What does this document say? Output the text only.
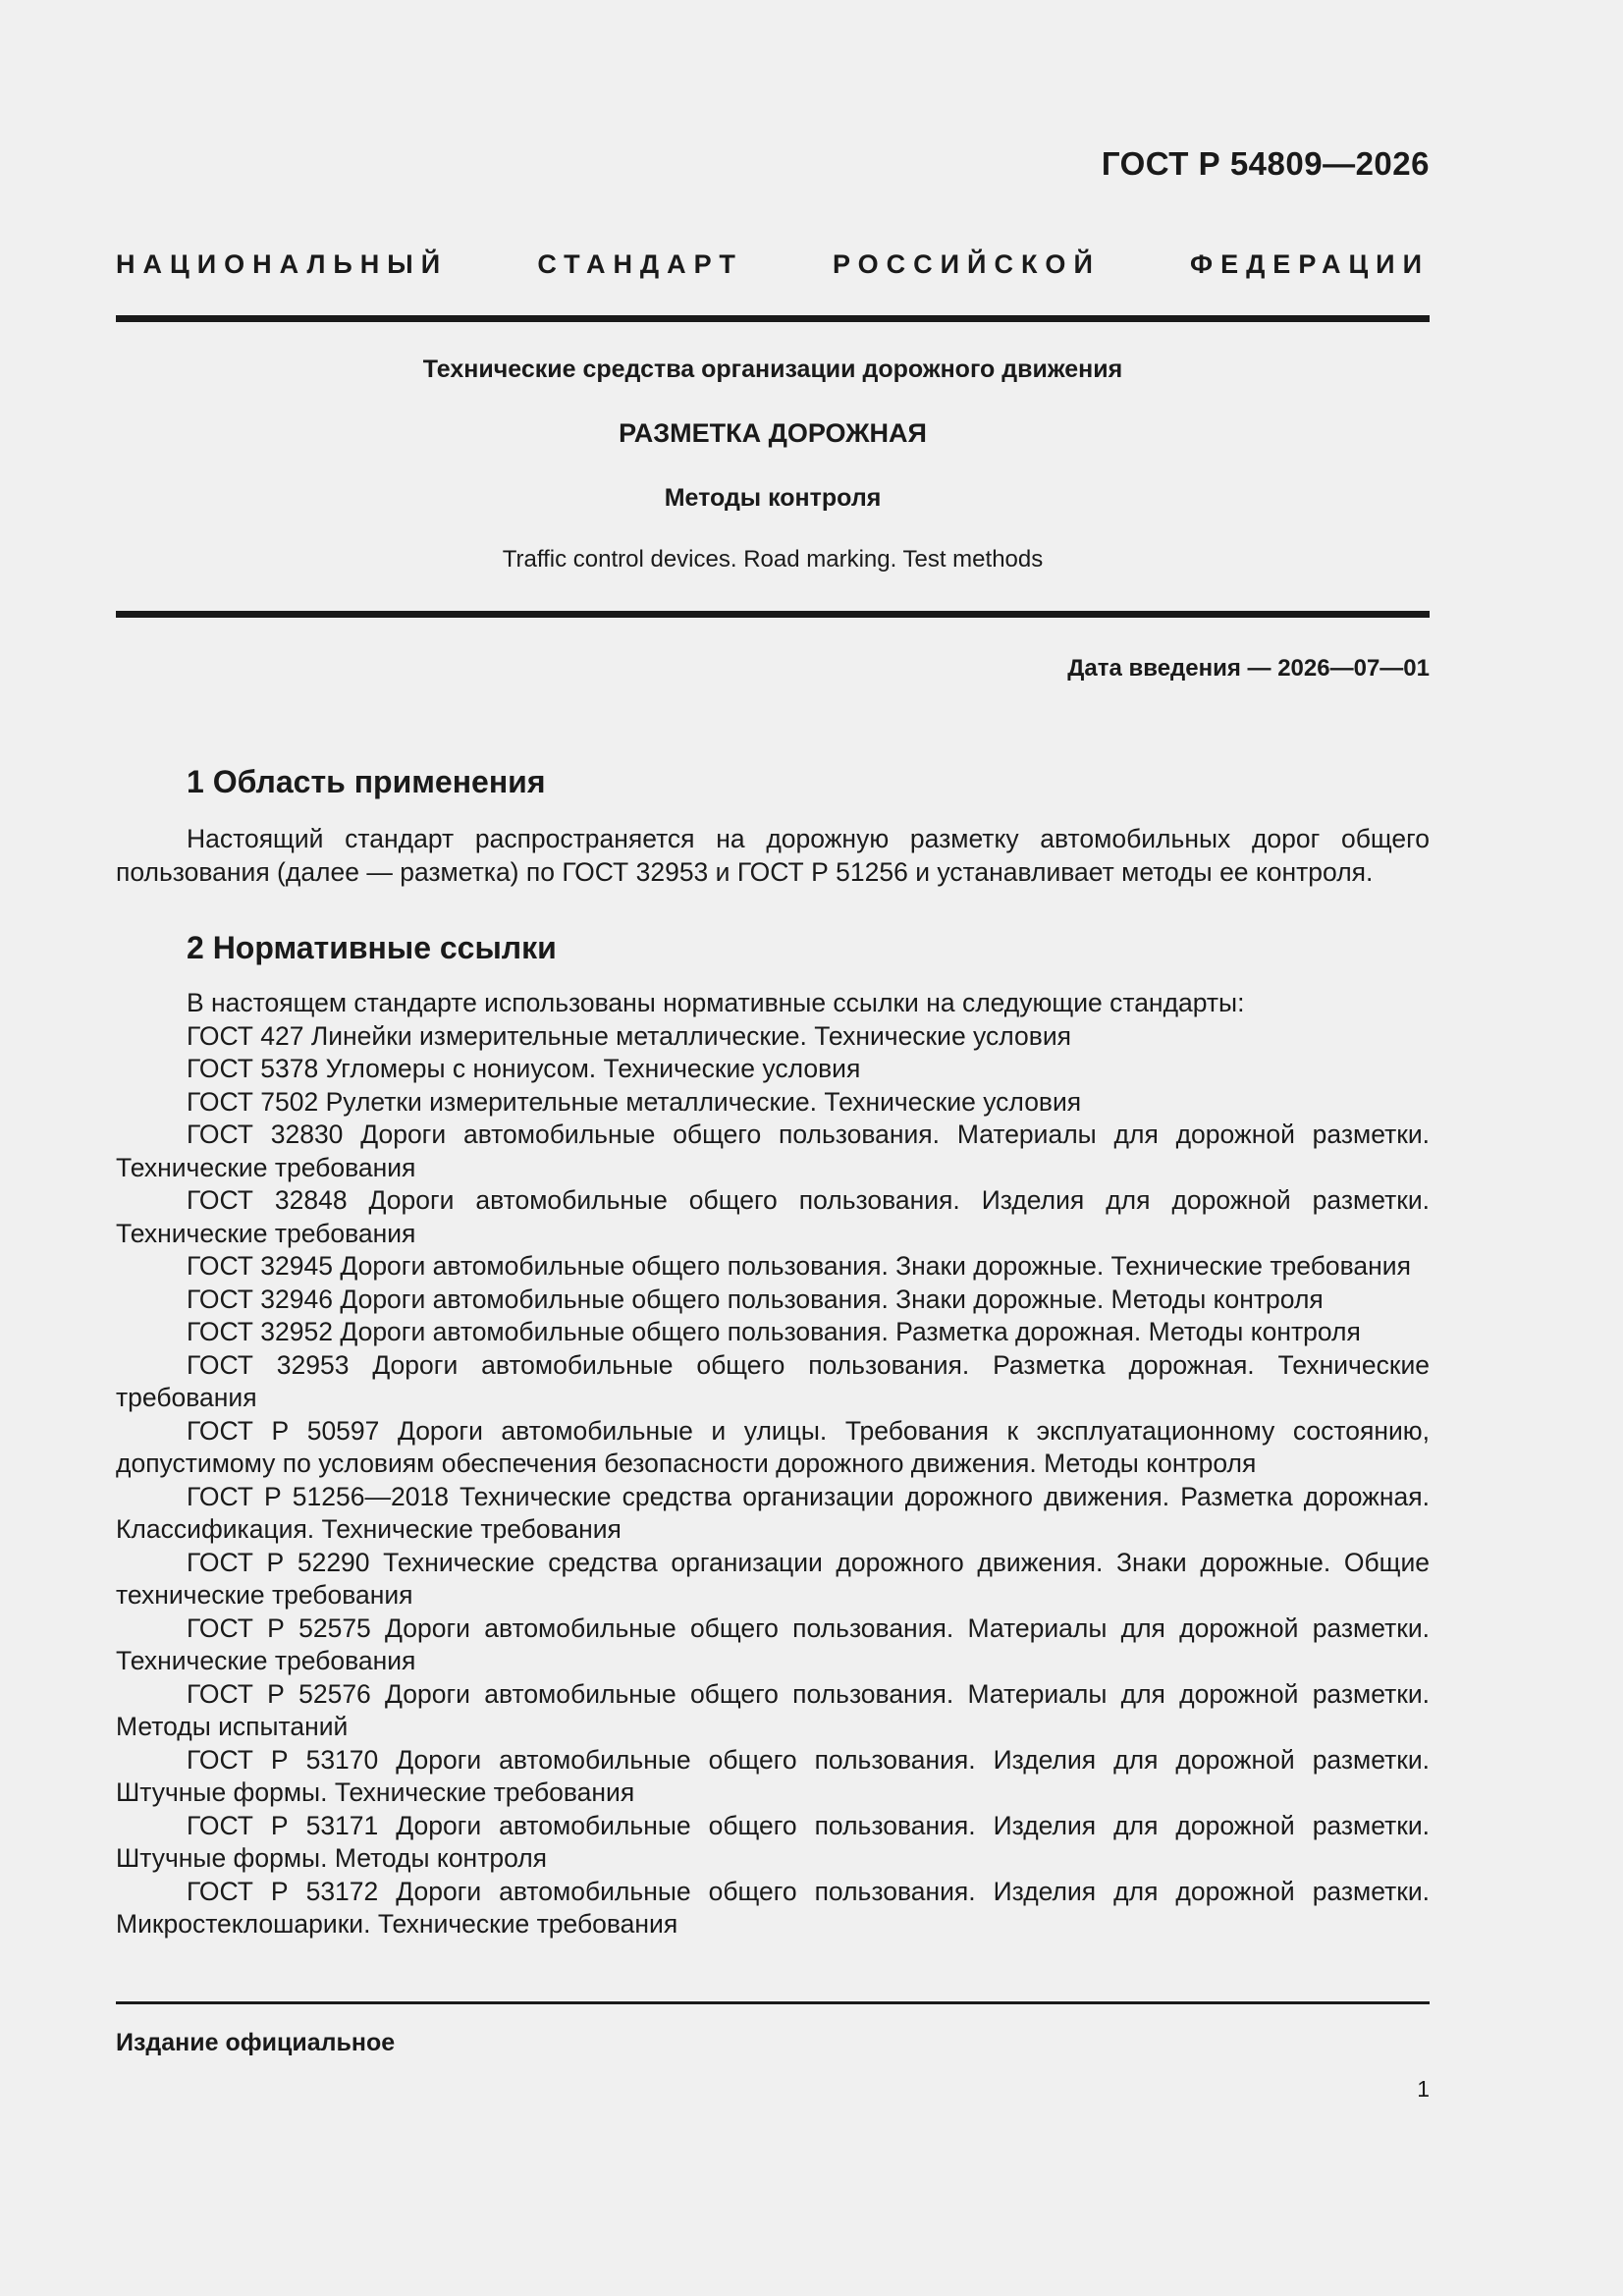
ГОСТ Р 54809—2026
НАЦИОНАЛЬНЫЙ СТАНДАРТ РОССИЙСКОЙ ФЕДЕРАЦИИ
Технические средства организации дорожного движения
РАЗМЕТКА ДОРОЖНАЯ
Методы контроля
Traffic control devices. Road marking. Test methods
Дата введения — 2026—07—01
1 Область применения

Настоящий стандарт распространяется на дорожную разметку автомобильных дорог общего пользования (далее — разметка) по ГОСТ 32953 и ГОСТ Р 51256 и устанавливает методы ее контроля.

2 Нормативные ссылки

В настоящем стандарте использованы нормативные ссылки на следующие стандарты:

ГОСТ 427 Линейки измерительные металлические. Технические условия

ГОСТ 5378 Угломеры с нониусом. Технические условия

ГОСТ 7502 Рулетки измерительные металлические. Технические условия

ГОСТ 32830 Дороги автомобильные общего пользования. Материалы для дорожной разметки. Технические требования

ГОСТ 32848 Дороги автомобильные общего пользования. Изделия для дорожной разметки. Технические требования

ГОСТ 32945 Дороги автомобильные общего пользования. Знаки дорожные. Технические требования

ГОСТ 32946 Дороги автомобильные общего пользования. Знаки дорожные. Методы контроля

ГОСТ 32952 Дороги автомобильные общего пользования. Разметка дорожная. Методы контроля

ГОСТ 32953 Дороги автомобильные общего пользования. Разметка дорожная. Технические требования

ГОСТ Р 50597 Дороги автомобильные и улицы. Требования к эксплуатационному состоянию, допустимому по условиям обеспечения безопасности дорожного движения. Методы контроля

ГОСТ Р 51256—2018 Технические средства организации дорожного движения. Разметка дорожная. Классификация. Технические требования

ГОСТ Р 52290 Технические средства организации дорожного движения. Знаки дорожные. Общие технические требования

ГОСТ Р 52575 Дороги автомобильные общего пользования. Материалы для дорожной разметки. Технические требования

ГОСТ Р 52576 Дороги автомобильные общего пользования. Материалы для дорожной разметки. Методы испытаний

ГОСТ Р 53170 Дороги автомобильные общего пользования. Изделия для дорожной разметки. Штучные формы. Технические требования

ГОСТ Р 53171 Дороги автомобильные общего пользования. Изделия для дорожной разметки. Штучные формы. Методы контроля

ГОСТ Р 53172 Дороги автомобильные общего пользования. Изделия для дорожной разметки. Микростеклошарики. Технические требования

Издание официальное
1
